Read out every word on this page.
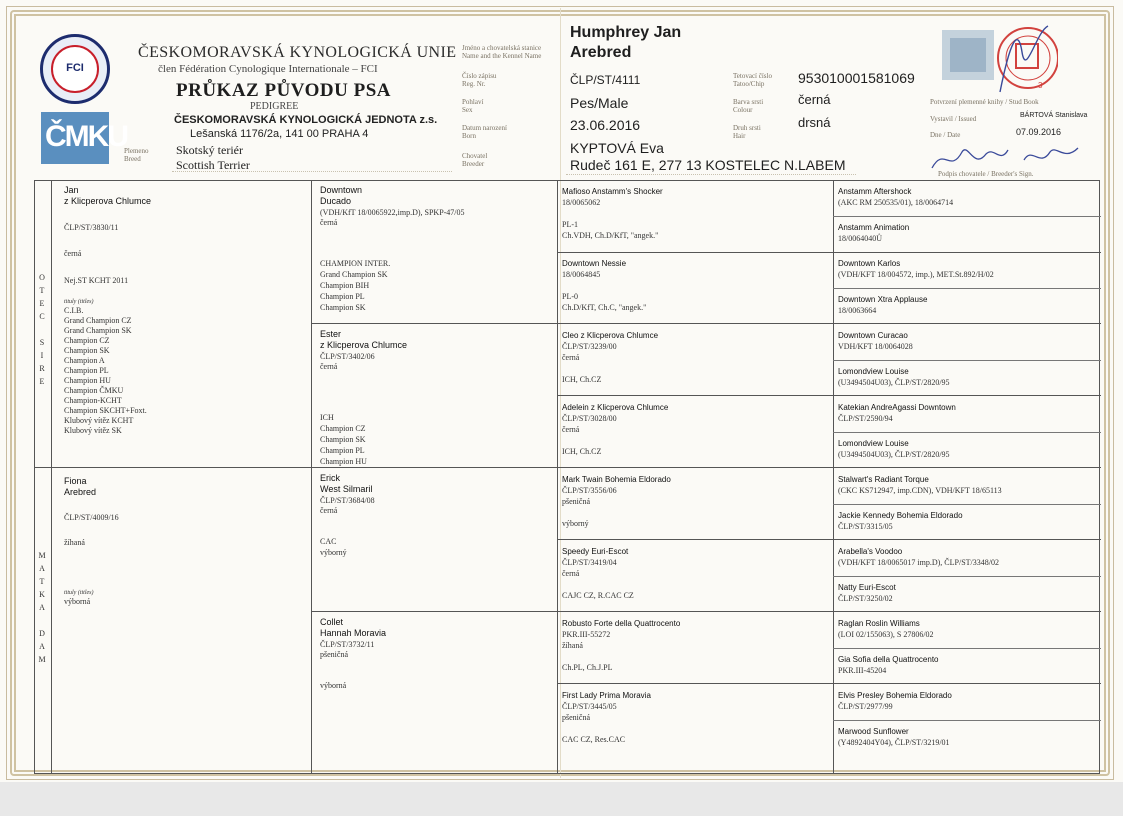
FCI
ČMKU
ČESKOMORAVSKÁ KYNOLOGICKÁ UNIE
člen Fédération Cynologique Internationale – FCI
PRŮKAZ PŮVODU PSA
PEDIGREE
ČESKOMORAVSKÁ KYNOLOGICKÁ JEDNOTA z.s.
Lešanská 1176/2a, 141 00 PRAHA 4
Plemeno
Breed
Skotský teriér
Scottish Terrier
Jméno a chovatelská stanice
Name and the Kennel Name
Číslo zápisu
Reg. Nr.
Pohlaví
Sex
Datum narození
Born
Chovatel
Breeder
Humphrey Jan
Arebred
ČLP/ST/4111
Pes/Male
23.06.2016
KYPTOVÁ Eva
Rudeč 161 E, 277 13 KOSTELEC N.LABEM
Tetovací číslo
Tatoo/Chip
Barva srsti
Colour
Druh srsti
Hair
953010001581069
černá
drsná
Potvrzení plemenné knihy / Stud Book
Vystavil / Issued	BÁRTOVÁ Stanislava
Dne / Date	07.09.2016
Podpis chovatele / Breeder's Sign.
3
O
T
E
C
S
I
R
E
M
A
T
K
A
D
A
M
Jan
z Klicperova Chlumce
ČLP/ST/3830/11
černá
Nej.ST KCHT 2011
tituly (titles)
C.I.B.
Grand Champion CZ
Grand Champion SK
Champion CZ
Champion SK
Champion A
Champion PL
Champion HU
Champion ČMKU
Champion-KCHT
Champion SKCHT+Foxt.
Klubový vítěz KCHT
Klubový vítěz SK
Fiona
Arebred
ČLP/ST/4009/16
žíhaná
tituly (titles)
výborná
Downtown
Ducado
(VDH/KfT 18/0065922,imp.D), SPKP-47/05
černá
CHAMPION INTER.
Grand Champion SK
Champion BIH
Champion PL
Champion SK
Ester
z Klicperova Chlumce
ČLP/ST/3402/06
černá
ICH
Champion CZ
Champion SK
Champion PL
Champion HU
Erick
West Silmaril
ČLP/ST/3684/08
černá
CAC
výborný
Collet
Hannah Moravia
ČLP/ST/3732/11
pšeničná
výborná
Mafioso Anstamm's Shocker
18/0065062
PL-1
Ch.VDH, Ch.D/KfT, "angek."
Downtown Nessie
18/0064845
PL-0
Ch.D/KfT, Ch.C, "angek."
Cleo z Klicperova Chlumce
ČLP/ST/3239/00
černá
ICH, Ch.CZ
Adelein z Klicperova Chlumce
ČLP/ST/3028/00
černá
ICH, Ch.CZ
Mark Twain Bohemia Eldorado
ČLP/ST/3556/06
pšeničná
výborný
Speedy Euri-Escot
ČLP/ST/3419/04
černá
CAJC CZ, R.CAC CZ
Robusto Forte della Quattrocento
PKR.III-55272
žíhaná
Ch.PL, Ch.J.PL
First Lady Prima Moravia
ČLP/ST/3445/05
pšeničná
CAC CZ, Res.CAC
Anstamm Aftershock
(AKC RM 250535/01), 18/0064714
Anstamm Animation
18/0064040Ů
Downtown Karlos
(VDH/KFT 18/004572, imp.), MET.St.892/H/02
Downtown Xtra Applause
18/0063664
Downtown Curacao
VDH/KFT 18/0064028
Lomondview Louise
(U3494504U03), ČLP/ST/2820/95
Katekian AndreAgassi Downtown
ČLP/ST/2590/94
Lomondview Louise
(U3494504U03), ČLP/ST/2820/95
Stalwart's Radiant Torque
(CKC KS712947, imp.CDN), VDH/KFT 18/65113
Jackie Kennedy Bohemia Eldorado
ČLP/ST/3315/05
Arabella's Voodoo
(VDH/KFT 18/0065017 imp.D), ČLP/ST/3348/02
Natty Euri-Escot
ČLP/ST/3250/02
Raglan Roslin Williams
(LOI 02/155063), S 27806/02
Gia Sofia della Quattrocento
PKR.III-45204
Elvis Presley Bohemia Eldorado
ČLP/ST/2977/99
Marwood Sunflower
(Y4892404Y04), ČLP/ST/3219/01
